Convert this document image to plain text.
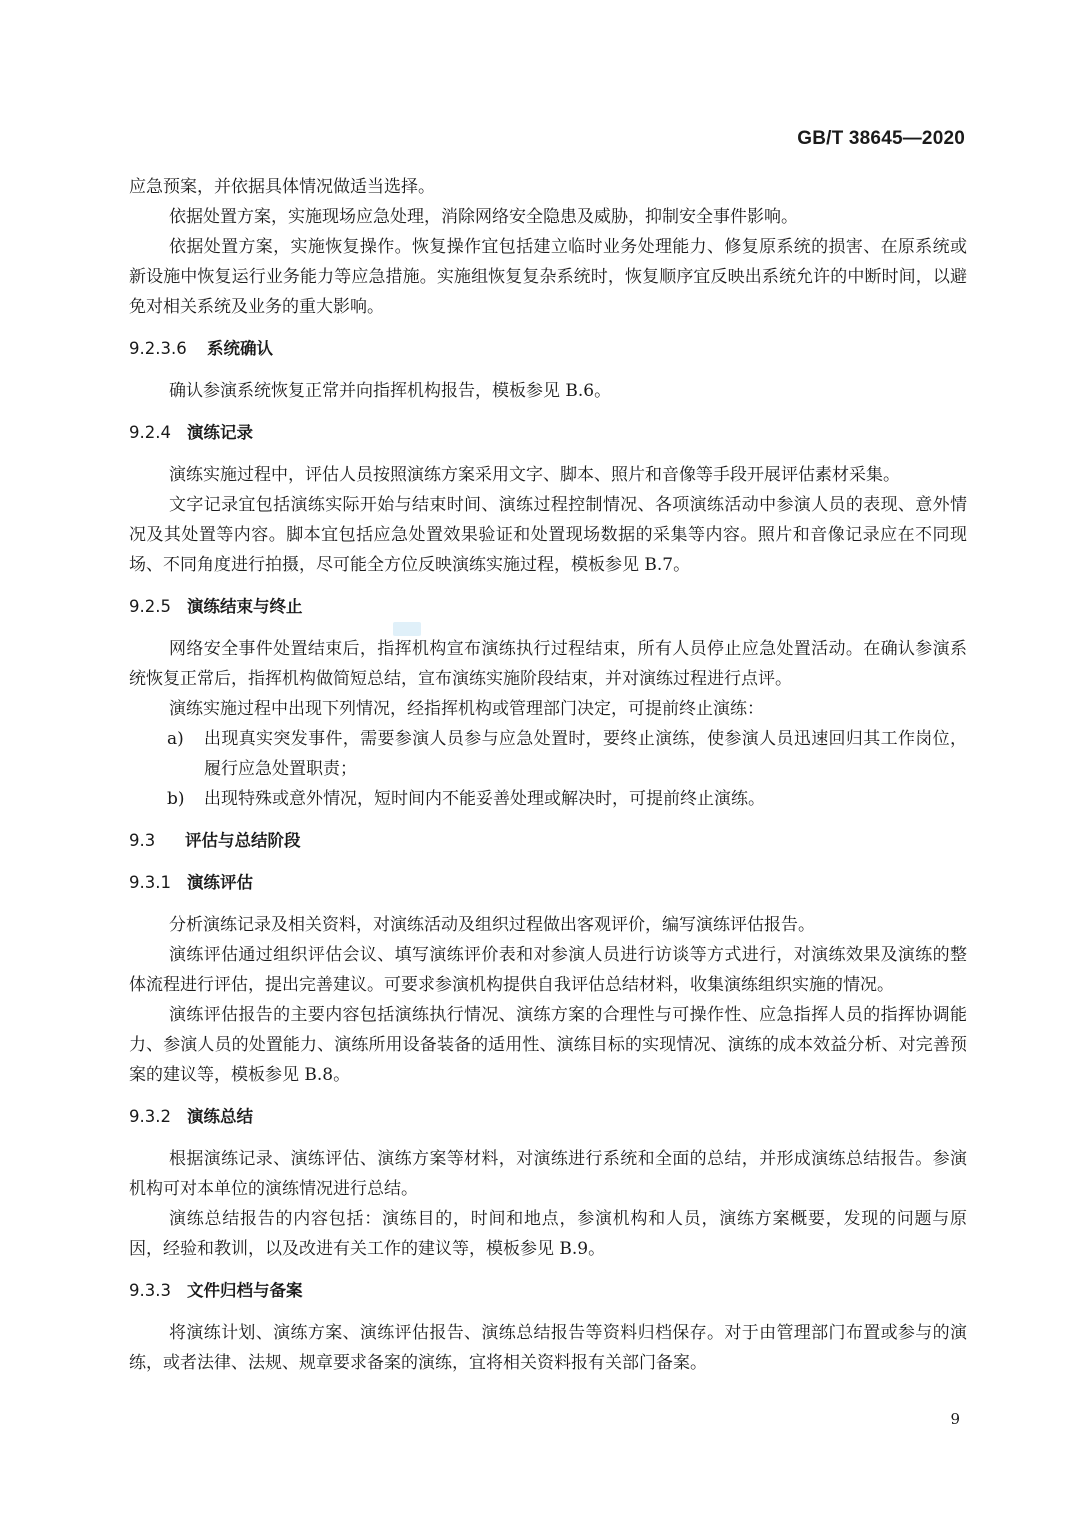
GB/T 38645—2020

应急预案，并依据具体情况做适当选择。

依据处置方案，实施现场应急处理，消除网络安全隐患及威胁，抑制安全事件影响。

依据处置方案，实施恢复操作。恢复操作宜包括建立临时业务处理能力、修复原系统的损害、在原系统或新设施中恢复运行业务能力等应急措施。实施组恢复复杂系统时，恢复顺序宜反映出系统允许的中断时间，以避免对相关系统及业务的重大影响。

9.2.3.6	系统确认

确认参演系统恢复正常并向指挥机构报告，模板参见 B.6。

9.2.4 演练记录

演练实施过程中，评估人员按照演练方案采用文字、脚本、照片和音像等手段开展评估素材采集。

文字记录宜包括演练实际开始与结束时间、演练过程控制情况、各项演练活动中参演人员的表现、意外情况及其处置等内容。脚本宜包括应急处置效果验证和处置现场数据的采集等内容。照片和音像记录应在不同现场、不同角度进行拍摄，尽可能全方位反映演练实施过程，模板参见 B.7。

9.2.5 演练结束与终止

网络安全事件处置结束后，指挥机构宣布演练执行过程结束，所有人员停止应急处置活动。在确认参演系统恢复正常后，指挥机构做简短总结，宣布演练实施阶段结束，并对演练过程进行点评。

演练实施过程中出现下列情况，经指挥机构或管理部门决定，可提前终止演练：

a)	出现真实突发事件，需要参演人员参与应急处置时，要终止演练，使参演人员迅速回归其工作岗位，履行应急处置职责；
b)	出现特殊或意外情况，短时间内不能妥善处理或解决时，可提前终止演练。
9.3	评估与总结阶段
9.3.1 演练评估

分析演练记录及相关资料，对演练活动及组织过程做出客观评价，编写演练评估报告。

演练评估通过组织评估会议、填写演练评价表和对参演人员进行访谈等方式进行，对演练效果及演练的整体流程进行评估，提出完善建议。可要求参演机构提供自我评估总结材料，收集演练组织实施的情况。

演练评估报告的主要内容包括演练执行情况、演练方案的合理性与可操作性、应急指挥人员的指挥协调能力、参演人员的处置能力、演练所用设备装备的适用性、演练目标的实现情况、演练的成本效益分析、对完善预案的建议等，模板参见 B.8。

9.3.2 演练总结

根据演练记录、演练评估、演练方案等材料，对演练进行系统和全面的总结，并形成演练总结报告。参演机构可对本单位的演练情况进行总结。

演练总结报告的内容包括：演练目的，时间和地点，参演机构和人员，演练方案概要，发现的问题与原因，经验和教训，以及改进有关工作的建议等，模板参见 B.9。

9.3.3 文件归档与备案

将演练计划、演练方案、演练评估报告、演练总结报告等资料归档保存。对于由管理部门布置或参与的演练，或者法律、法规、规章要求备案的演练，宜将相关资料报有关部门备案。

9
